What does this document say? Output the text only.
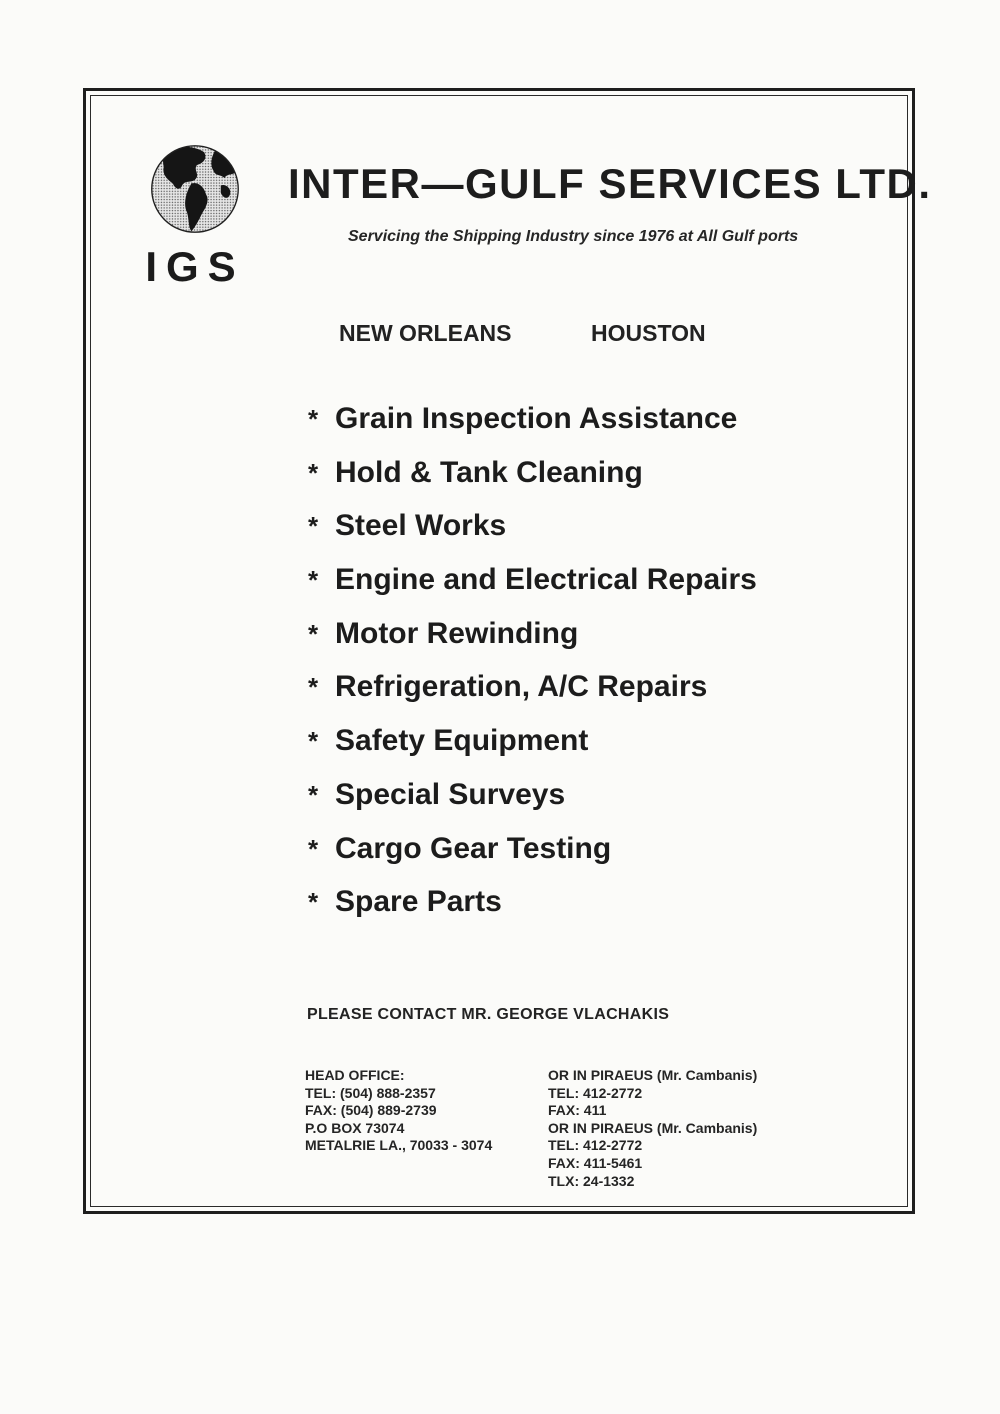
IGS
INTER—GULF SERVICES LTD.
Servicing the Shipping Industry since 1976 at All Gulf ports
NEW ORLEANS	HOUSTON
* Grain Inspection Assistance
* Hold & Tank Cleaning
* Steel Works
* Engine and Electrical Repairs
* Motor Rewinding
* Refrigeration, A/C Repairs
* Safety Equipment
* Special Surveys
* Cargo Gear Testing
* Spare Parts
PLEASE CONTACT MR. GEORGE VLACHAKIS
HEAD OFFICE:
TEL: (504) 888-2357
FAX: (504) 889-2739
P.O BOX 73074
METALRIE LA., 70033 - 3074
OR IN PIRAEUS (Mr. Cambanis)
TEL: 412-2772
FAX: 411
OR IN PIRAEUS (Mr. Cambanis)
TEL: 412-2772
FAX: 411-5461
TLX: 24-1332
